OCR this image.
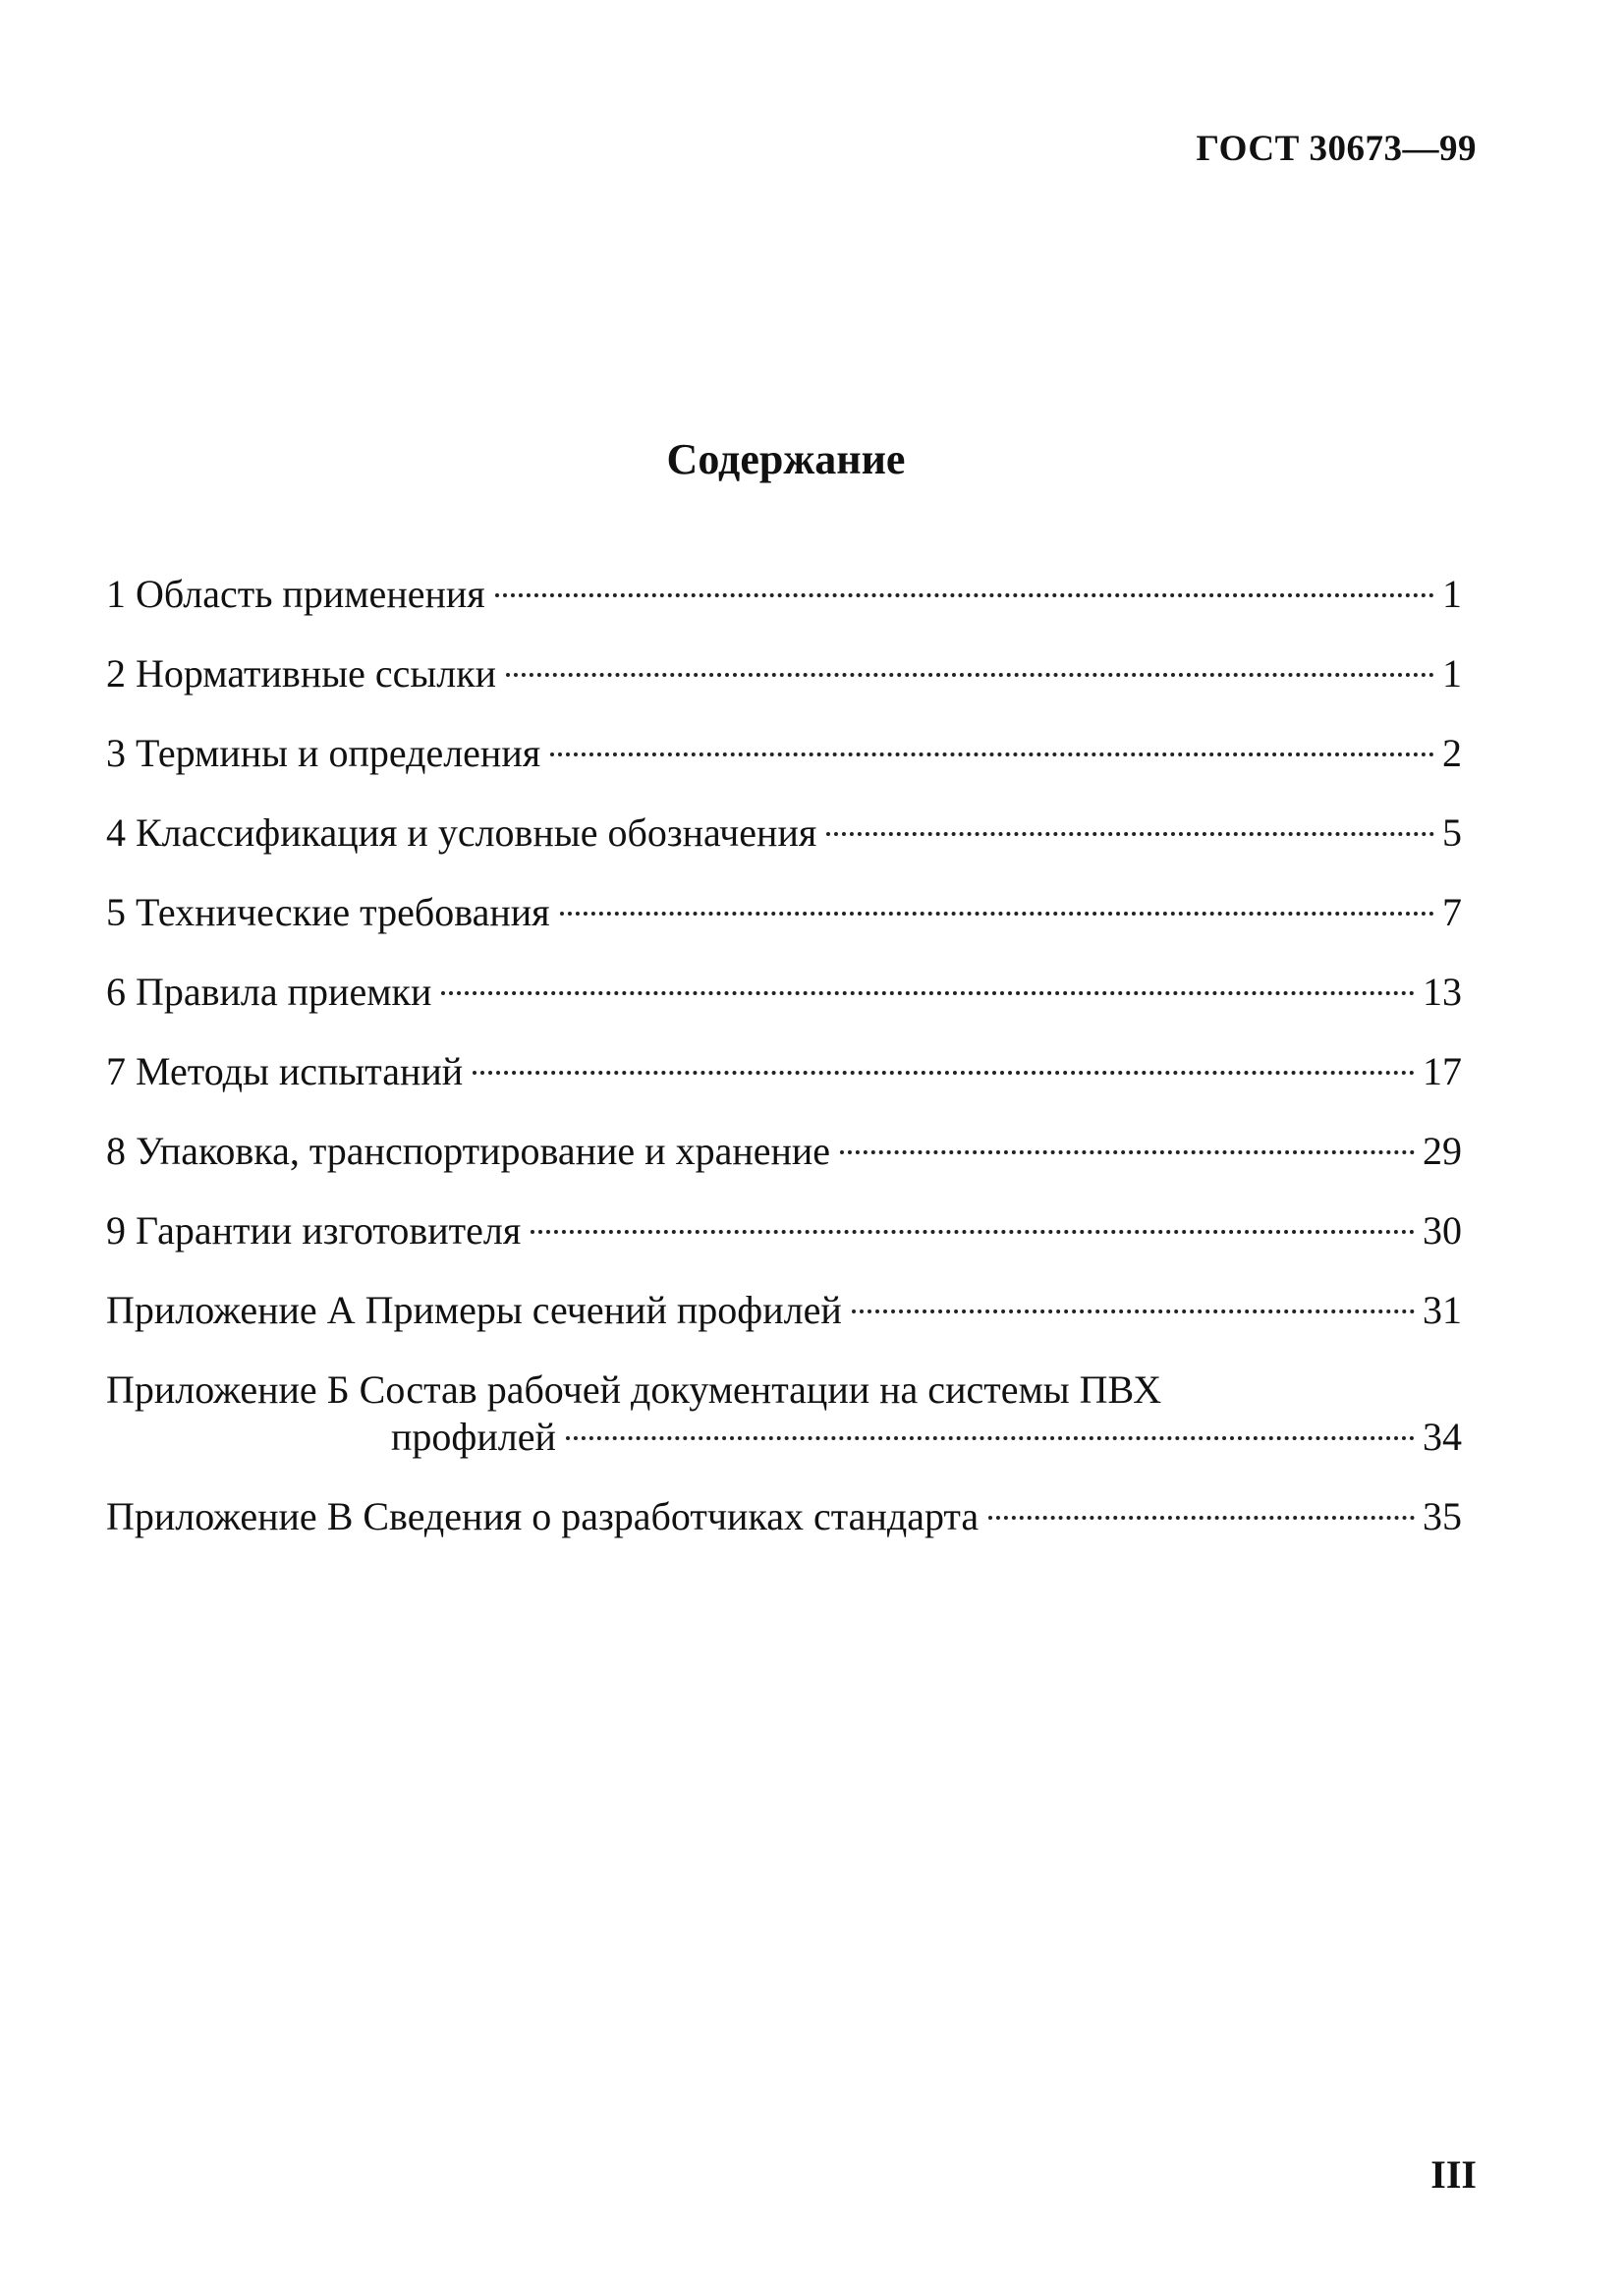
ГОСТ 30673—99
Содержание
1 Область применения	1
2 Нормативные ссылки	1
3 Термины и определения	2
4 Классификация и условные обозначения	5
5 Технические требования	7
6 Правила приемки	13
7 Методы испытаний	17
8 Упаковка, транспортирование и хранение	29
9 Гарантии изготовителя	30
Приложение А Примеры сечений профилей	31
Приложение Б Состав рабочей документации на системы ПВХ
профилей	34
Приложение В Сведения о разработчиках стандарта	35
III
